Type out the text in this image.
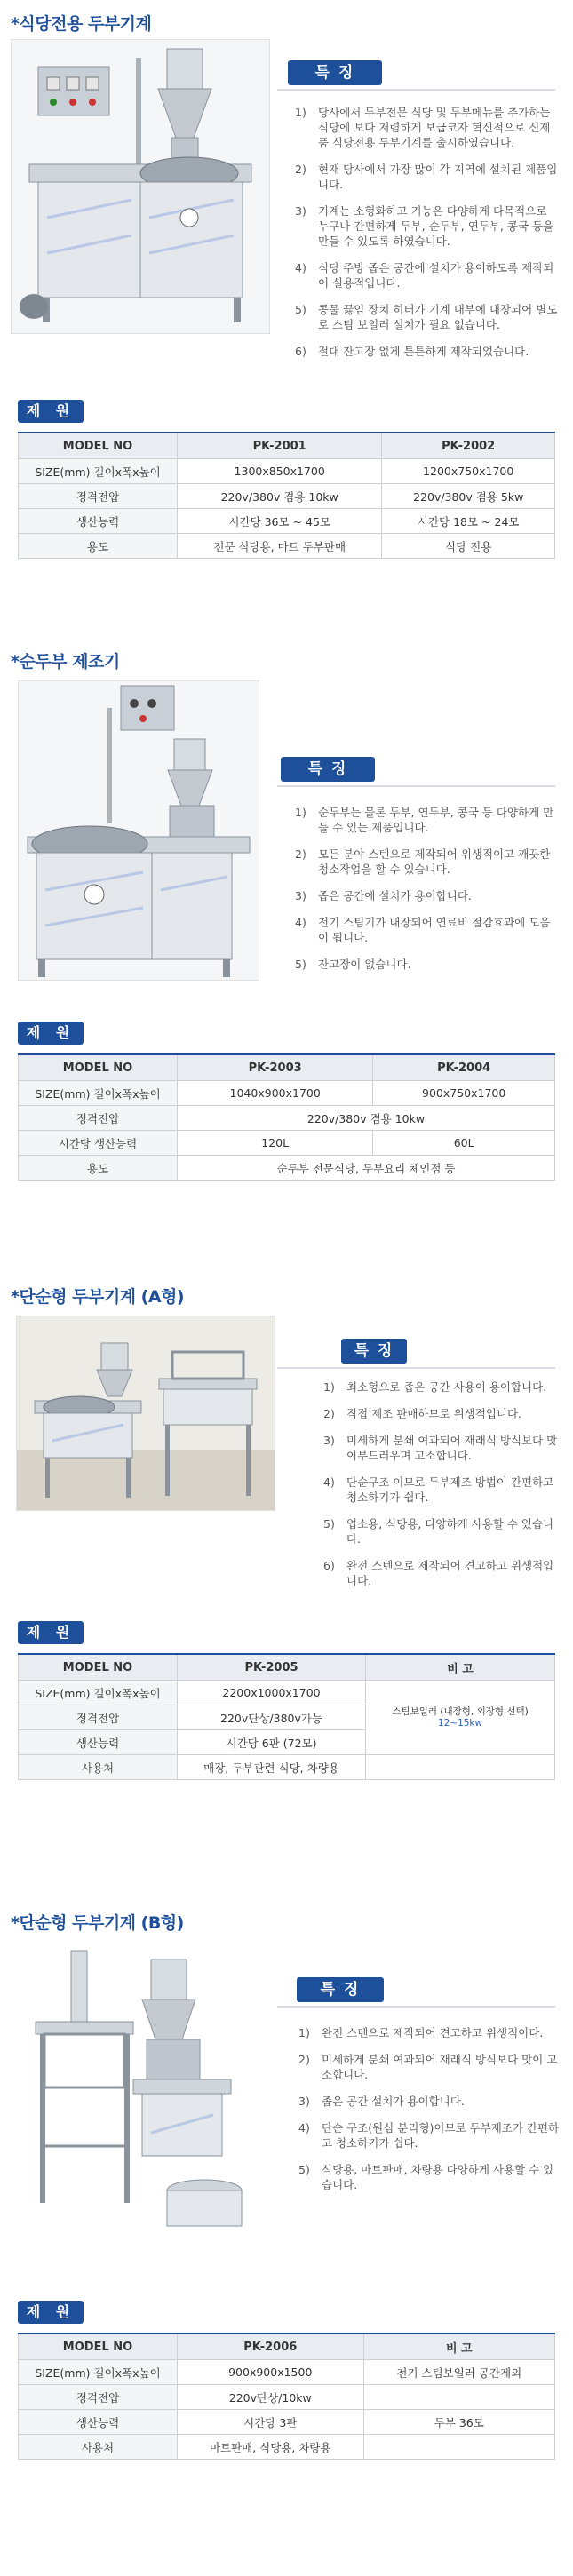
*식당전용 두부기계
특 징
1) 당사에서 두부전문 식당 및 두부메뉴를 추가하는 식당에 보다 저렴하게 보급코자 혁신적으로 신제품 식당전용 두부기계를 출시하였습니다.
2) 현재 당사에서 가장 많이 각 지역에 설치된 제품입니다.
3) 기계는 소형화하고 기능은 다양하게 다목적으로 누구나 간편하게 두부, 순두부, 연두부, 콩국 등을 만들 수 있도록 하였습니다.
4) 식당 주방 좁은 공간에 설치가 용이하도록 제작되어 실용적입니다.
5) 콩물 끓임 장치 히터가 기계 내부에 내장되어 별도로 스팀 보일러 설치가 필요 없습니다.
6) 절대 잔고장 없게 튼튼하게 제작되었습니다.
제 원
MODEL NO	PK-2001	PK-2002
SIZE(mm) 길이x폭x높이	1300x850x1700	1200x750x1700
정격전압	220v/380v 겸용 10kw	220v/380v 겸용 5kw
생산능력	시간당 36모 ~ 45모	시간당 18모 ~ 24모
용도	전문 식당용, 마트 두부판매	식당 전용
*순두부 제조기
특 징
1) 순두부는 물론 두부, 연두부, 콩국 등 다양하게 만들 수 있는 제품입니다.
2) 모든 분야 스텐으로 제작되어 위생적이고 깨끗한 청소작업을 할 수 있습니다.
3) 좁은 공간에 설치가 용이합니다.
4) 전기 스팀기가 내장되어 연료비 절감효과에 도움이 됩니다.
5) 잔고장이 없습니다.
제 원
MODEL NO	PK-2003	PK-2004
SIZE(mm) 길이x폭x높이	1040x900x1700	900x750x1700
정격전압	220v/380v 겸용 10kw	
시간당 생산능력	120L	60L
용도	순두부 전문식당, 두부요리 체인점 등	
*단순형 두부기계 (A형)
특 징
1) 최소형으로 좁은 공간 사용이 용이합니다.
2) 직접 제조 판매하므로 위생적입니다.
3) 미세하게 분쇄 여과되어 재래식 방식보다 맛이부드러우며 고소합니다.
4) 단순구조 이므로 두부제조 방법이 간편하고 청소하기가 쉽다.
5) 업소용, 식당용, 다양하게 사용할 수 있습니다.
6) 완전 스텐으로 제작되어 견고하고 위생적입니다.
제 원
MODEL NO	PK-2005	비 고
SIZE(mm) 길이x폭x높이	2200x1000x1700	스팀보일러 (내장형, 외장형 선택)
12~15kw

정격전압	220v단상/380v가능	
생산능력	시간당 6판 (72모)	
사용처	매장, 두부관련 식당, 차량용	
*단순형 두부기계 (B형)
특 징
1) 완전 스텐으로 제작되어 견고하고 위생적이다.
2) 미세하게 분쇄 여과되어 재래식 방식보다 맛이 고소합니다.
3) 좁은 공간 설치가 용이합니다.
4) 단순 구조(원심 분리형)이므로 두부제조가 간편하고 청소하기가 쉽다.
5) 식당용, 마트판매, 차량용 다양하게 사용할 수 있습니다.
제 원
MODEL NO	PK-2006	비 고
SIZE(mm) 길이x폭x높이	900x900x1500	전기 스팀보일러 공간제외
정격전압	220v단상/10kw	
생산능력	시간당 3판	두부 36모
사용처	마트판매, 식당용, 차량용	
